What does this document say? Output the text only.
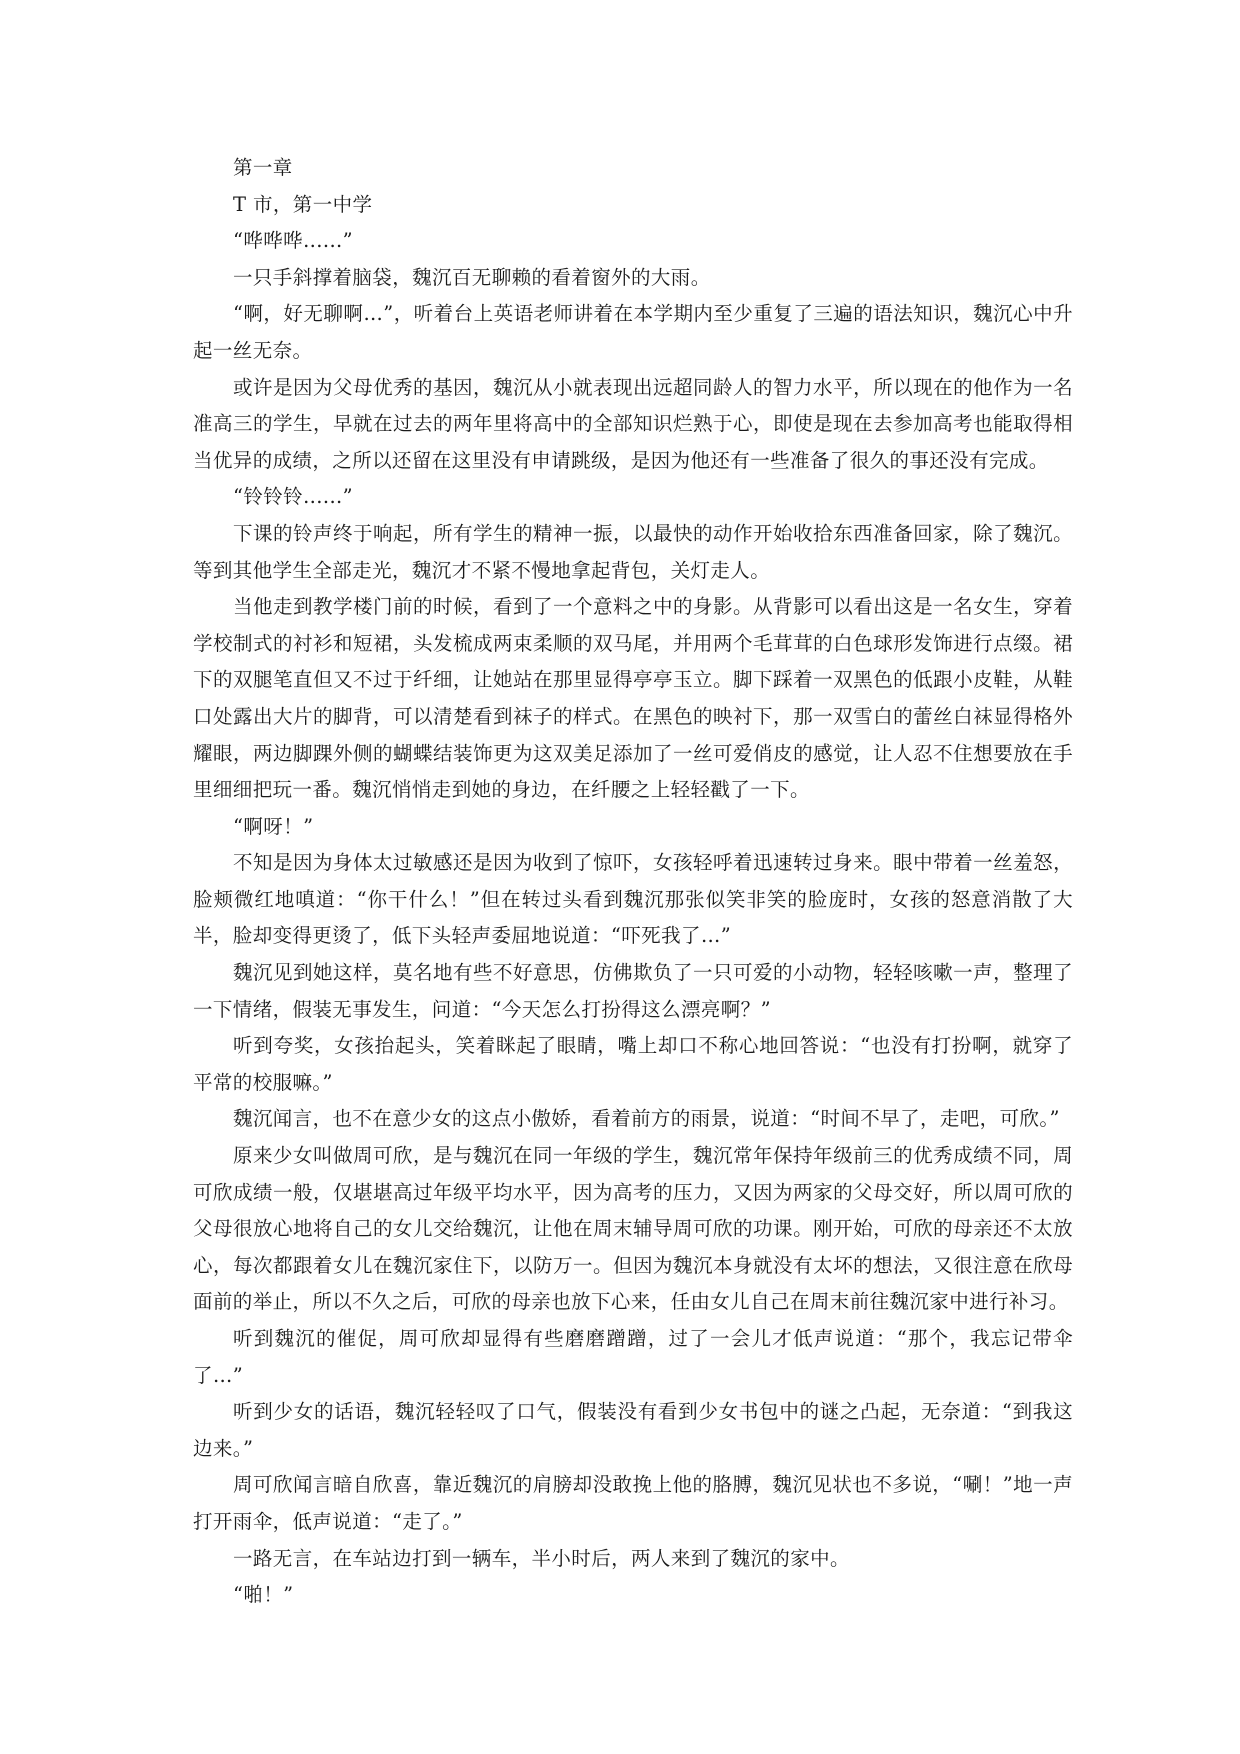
第一章

T 市，第一中学

“哗哗哗......”

一只手斜撑着脑袋，魏沉百无聊赖的看着窗外的大雨。

“啊，好无聊啊…”，听着台上英语老师讲着在本学期内至少重复了三遍的语法知识，魏沉心中升起一丝无奈。

或许是因为父母优秀的基因，魏沉从小就表现出远超同龄人的智力水平，所以现在的他作为一名准高三的学生，早就在过去的两年里将高中的全部知识烂熟于心，即使是现在去参加高考也能取得相当优异的成绩，之所以还留在这里没有申请跳级，是因为他还有一些准备了很久的事还没有完成。

“铃铃铃......”

下课的铃声终于响起，所有学生的精神一振，以最快的动作开始收拾东西准备回家，除了魏沉。等到其他学生全部走光，魏沉才不紧不慢地拿起背包，关灯走人。

当他走到教学楼门前的时候，看到了一个意料之中的身影。从背影可以看出这是一名女生，穿着学校制式的衬衫和短裙，头发梳成两束柔顺的双马尾，并用两个毛茸茸的白色球形发饰进行点缀。裙下的双腿笔直但又不过于纤细，让她站在那里显得亭亭玉立。脚下踩着一双黑色的低跟小皮鞋，从鞋口处露出大片的脚背，可以清楚看到袜子的样式。在黑色的映衬下，那一双雪白的蕾丝白袜显得格外耀眼，两边脚踝外侧的蝴蝶结装饰更为这双美足添加了一丝可爱俏皮的感觉，让人忍不住想要放在手里细细把玩一番。魏沉悄悄走到她的身边，在纤腰之上轻轻戳了一下。

“啊呀！”

不知是因为身体太过敏感还是因为收到了惊吓，女孩轻呼着迅速转过身来。眼中带着一丝羞怒，脸颊微红地嗔道：“你干什么！”但在转过头看到魏沉那张似笑非笑的脸庞时，女孩的怒意消散了大半，脸却变得更烫了，低下头轻声委屈地说道：“吓死我了…”

魏沉见到她这样，莫名地有些不好意思，仿佛欺负了一只可爱的小动物，轻轻咳嗽一声，整理了一下情绪，假装无事发生，问道：“今天怎么打扮得这么漂亮啊？”

听到夸奖，女孩抬起头，笑着眯起了眼睛，嘴上却口不称心地回答说：“也没有打扮啊，就穿了平常的校服嘛。”

魏沉闻言，也不在意少女的这点小傲娇，看着前方的雨景，说道：“时间不早了，走吧，可欣。”

原来少女叫做周可欣，是与魏沉在同一年级的学生，魏沉常年保持年级前三的优秀成绩不同，周可欣成绩一般，仅堪堪高过年级平均水平，因为高考的压力，又因为两家的父母交好，所以周可欣的父母很放心地将自己的女儿交给魏沉，让他在周末辅导周可欣的功课。刚开始，可欣的母亲还不太放心，每次都跟着女儿在魏沉家住下，以防万一。但因为魏沉本身就没有太坏的想法，又很注意在欣母面前的举止，所以不久之后，可欣的母亲也放下心来，任由女儿自己在周末前往魏沉家中进行补习。

听到魏沉的催促，周可欣却显得有些磨磨蹭蹭，过了一会儿才低声说道：“那个，我忘记带伞了…”

听到少女的话语，魏沉轻轻叹了口气，假装没有看到少女书包中的谜之凸起，无奈道：“到我这边来。”

周可欣闻言暗自欣喜，靠近魏沉的肩膀却没敢挽上他的胳膊，魏沉见状也不多说，“唰！”地一声打开雨伞，低声说道：“走了。”

一路无言，在车站边打到一辆车，半小时后，两人来到了魏沉的家中。

“啪！”
